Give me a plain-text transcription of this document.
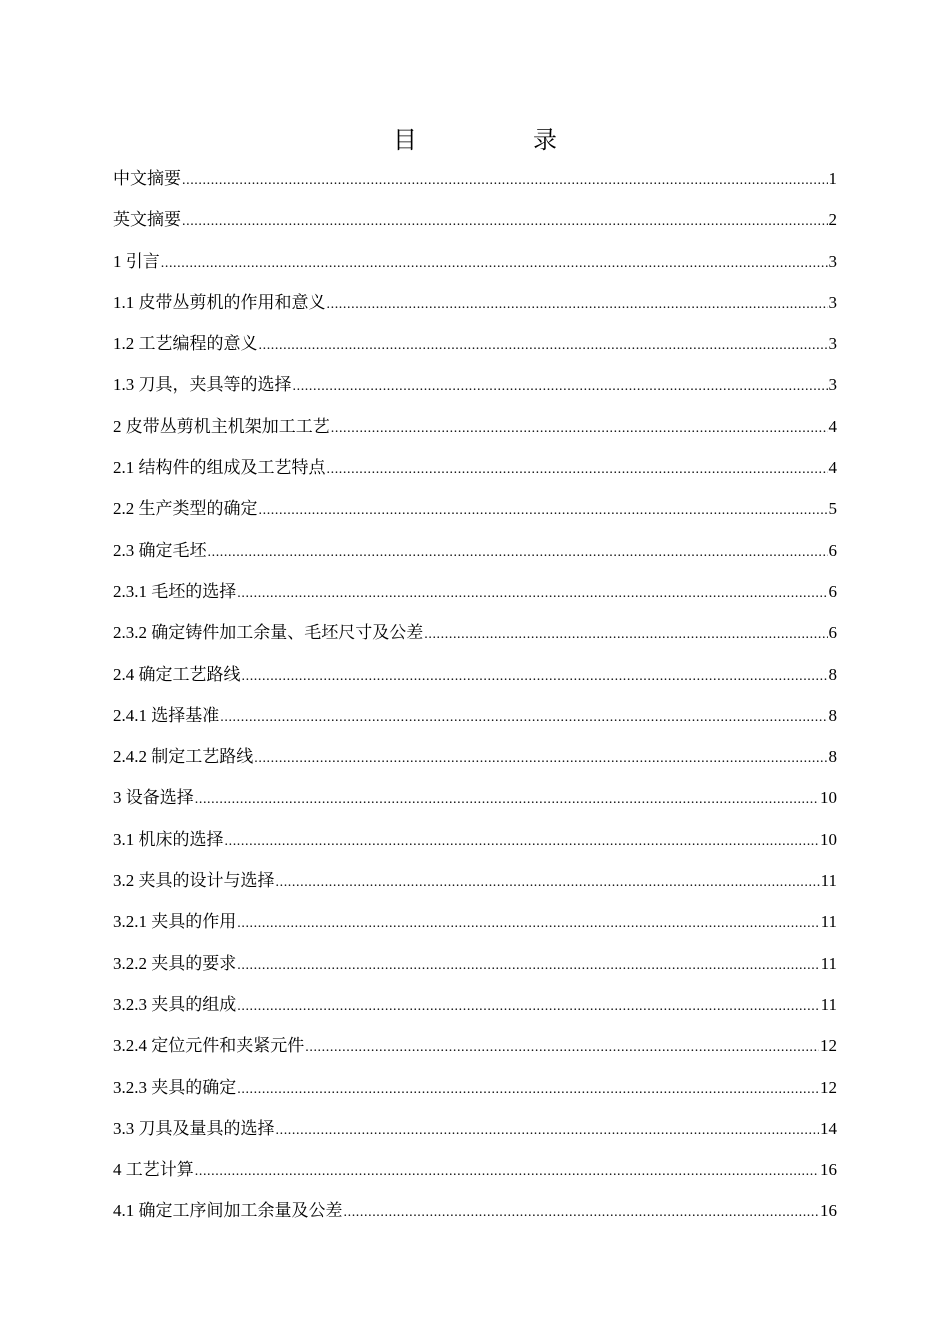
目　录
中文摘要 .....	1
英文摘要 .....	2
1 引言 .....	3
1.1 皮带丛剪机的作用和意义 .....	3
1.2 工艺编程的意义 .....	3
1.3 刀具，夹具等的选择 .....	3
2 皮带丛剪机主机架加工工艺 .....	4
2.1 结构件的组成及工艺特点 .....	4
2.2 生产类型的确定 .....	5
2.3 确定毛坯 .....	6
2.3.1 毛坯的选择 .....	6
2.3.2 确定铸件加工余量、毛坯尺寸及公差 .....	6
2.4 确定工艺路线 .....	8
2.4.1 选择基准 .....	8
2.4.2 制定工艺路线 .....	8
3 设备选择 .....	10
3.1 机床的选择 .....	10
3.2 夹具的设计与选择 .....	11
3.2.1 夹具的作用 .....	11
3.2.2 夹具的要求 .....	11
3.2.3 夹具的组成 .....	11
3.2.4 定位元件和夹紧元件 .....	12
3.2.3 夹具的确定 .....	12
3.3 刀具及量具的选择 .....	14
4 工艺计算 .....	16
4.1 确定工序间加工余量及公差 .....	16
